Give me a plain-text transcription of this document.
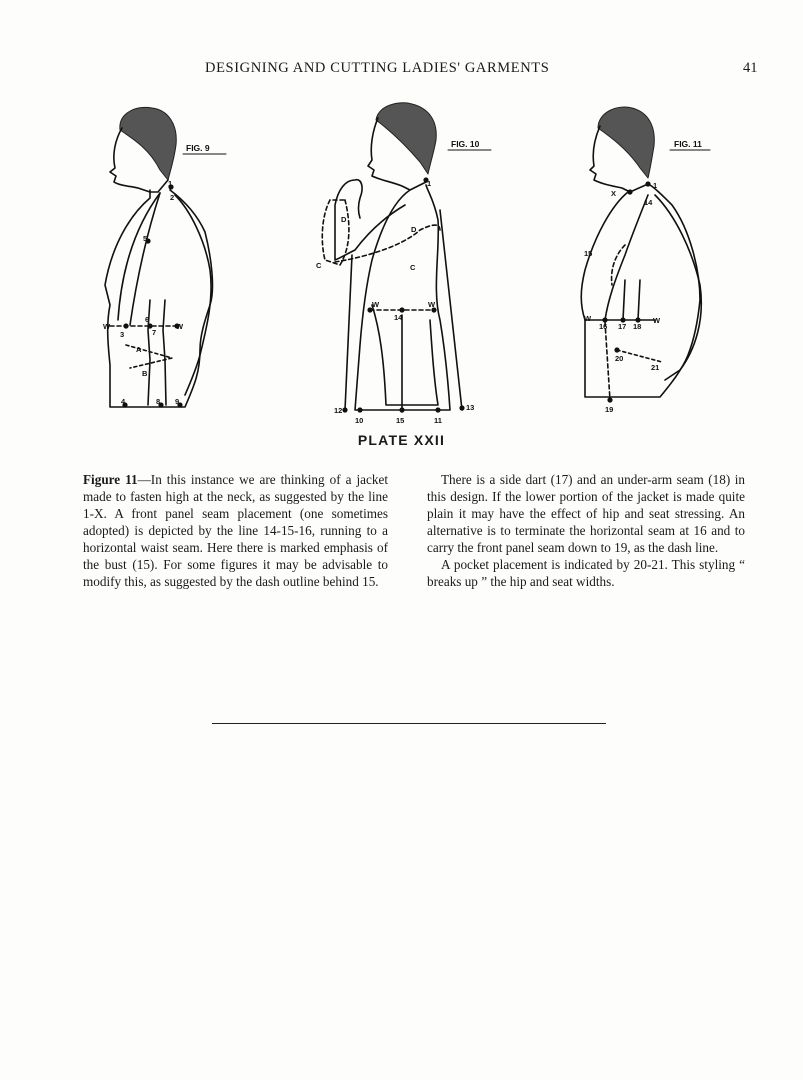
DESIGNING AND CUTTING LADIES' GARMENTS	41
FIG. 9
1
2
5
W
3
6
7
W
A
B
4	8 9
FIG. 10
1
D
D
C	C
W
14
W
12
10	15	11
13
FIG. 11
X
1
14
15
W
16 17 18
W
20
21
19
PLATE XXII

Figure 11—In this instance we are thinking of a jacket made to fasten high at the neck, as suggested by the line 1-X. A front panel seam placement (one sometimes adopted) is depicted by the line 14-15-16, running to a horizontal waist seam. Here there is marked emphasis of the bust (15). For some figures it may be advisable to modify this, as suggested by the dash outline behind 15.

There is a side dart (17) and an under-arm seam (18) in this design. If the lower portion of the jacket is made quite plain it may have the effect of hip and seat stressing. An alternative is to terminate the horizontal seam at 16 and to carry the front panel seam down to 19, as the dash line.

A pocket placement is indicated by 20-21. This styling “ breaks up ” the hip and seat widths.
